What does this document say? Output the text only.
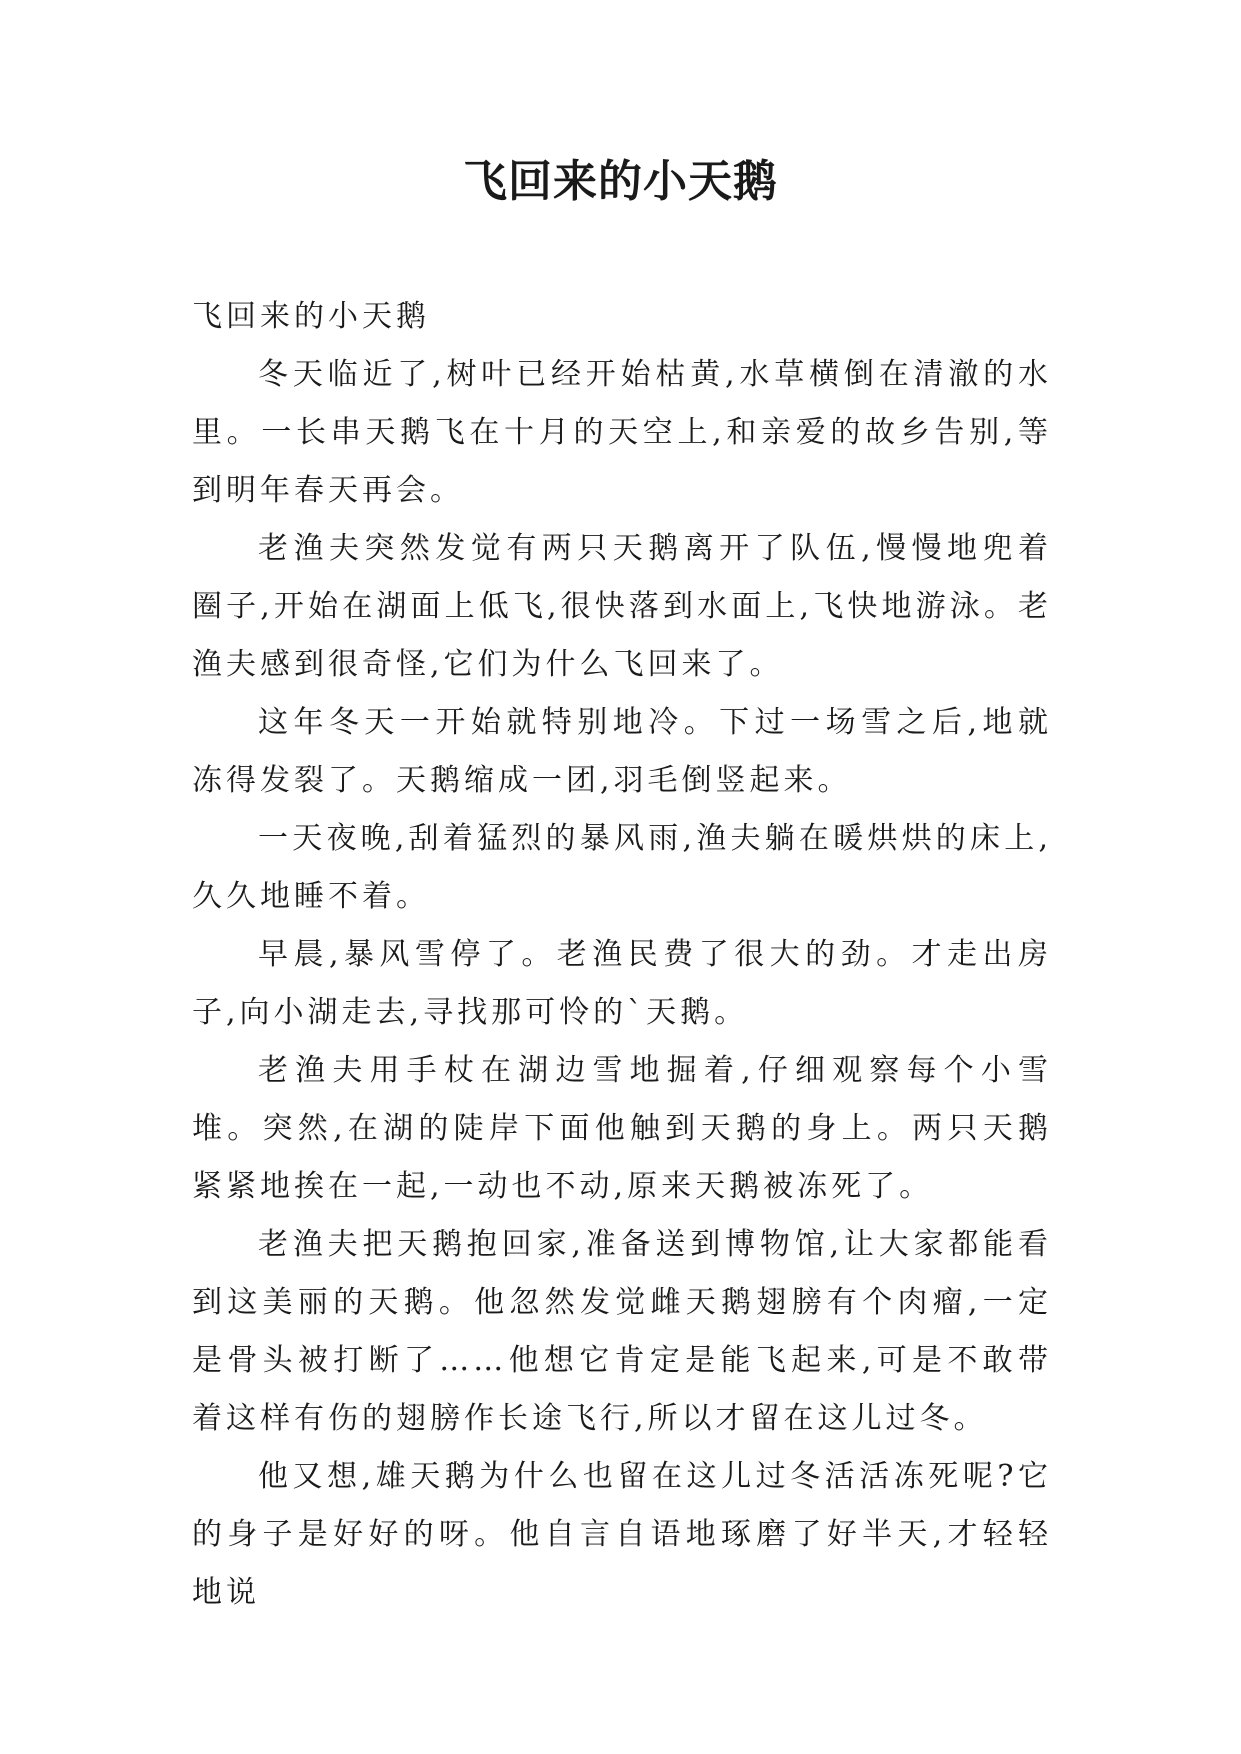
飞回来的小天鹅

飞回来的小天鹅

冬天临近了,树叶已经开始枯黄,水草横倒在清澈的水里。一长串天鹅飞在十月的天空上,和亲爱的故乡告别,等到明年春天再会。

老渔夫突然发觉有两只天鹅离开了队伍,慢慢地兜着圈子,开始在湖面上低飞,很快落到水面上,飞快地游泳。老渔夫感到很奇怪,它们为什么飞回来了。

这年冬天一开始就特别地冷。下过一场雪之后,地就冻得发裂了。天鹅缩成一团,羽毛倒竖起来。

一天夜晚,刮着猛烈的暴风雨,渔夫躺在暖烘烘的床上,久久地睡不着。

早晨,暴风雪停了。老渔民费了很大的劲。才走出房子,向小湖走去,寻找那可怜的`天鹅。

老渔夫用手杖在湖边雪地掘着,仔细观察每个小雪堆。突然,在湖的陡岸下面他触到天鹅的身上。两只天鹅紧紧地挨在一起,一动也不动,原来天鹅被冻死了。

老渔夫把天鹅抱回家,准备送到博物馆,让大家都能看到这美丽的天鹅。他忽然发觉雌天鹅翅膀有个肉瘤,一定是骨头被打断了……他想它肯定是能飞起来,可是不敢带着这样有伤的翅膀作长途飞行,所以才留在这儿过冬。

他又想,雄天鹅为什么也留在这儿过冬活活冻死呢?它的身子是好好的呀。他自言自语地琢磨了好半天,才轻轻地说
